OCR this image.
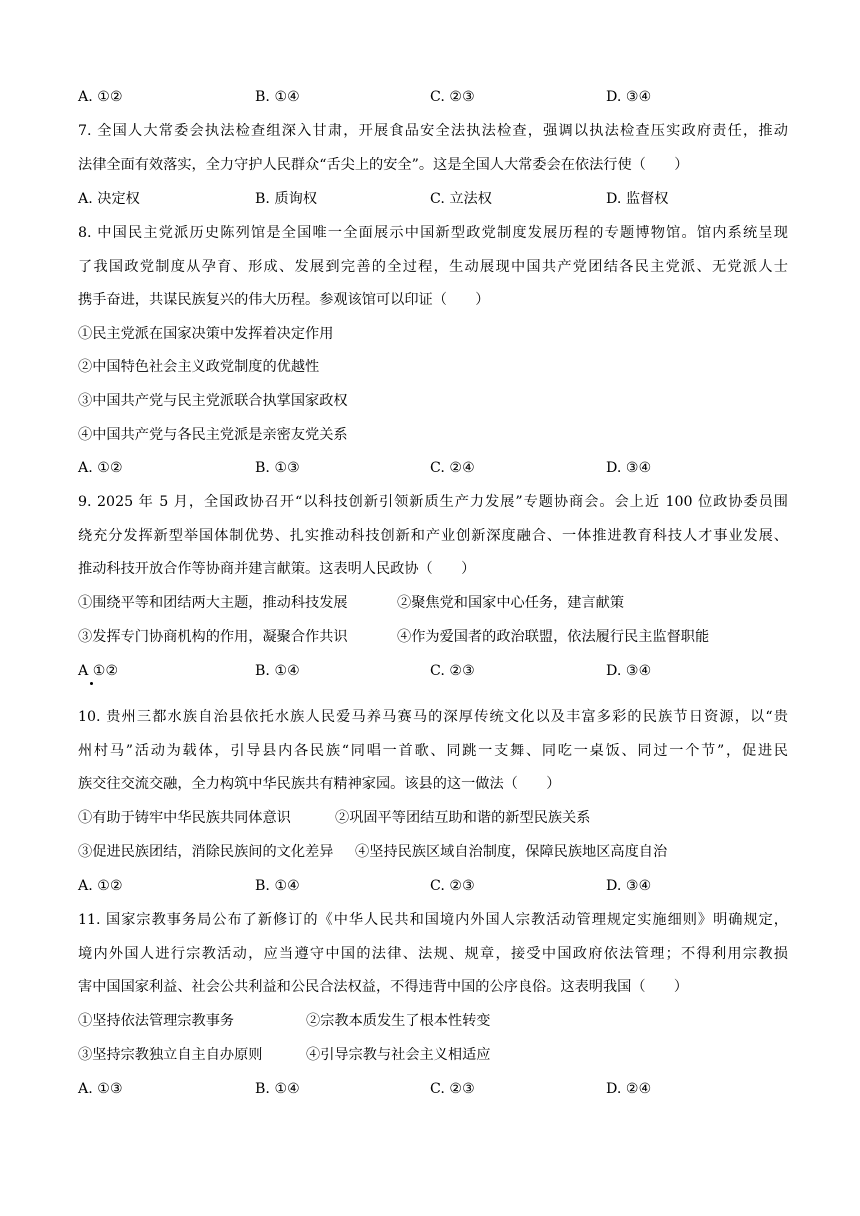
A. ①②	B. ①④	C. ②③	D. ③④
7. 全国人大常委会执法检查组深入甘肃，开展食品安全法执法检查，强调以执法检查压实政府责任，推动
法律全面有效落实，全力守护人民群众“舌尖上的安全”。这是全国人大常委会在依法行使（　　）
A. 决定权	B. 质询权	C. 立法权	D. 监督权
8. 中国民主党派历史陈列馆是全国唯一全面展示中国新型政党制度发展历程的专题博物馆。馆内系统呈现
了我国政党制度从孕育、形成、发展到完善的全过程，生动展现中国共产党团结各民主党派、无党派人士
携手奋进，共谋民族复兴的伟大历程。参观该馆可以印证（　　）
①民主党派在国家决策中发挥着决定作用
②中国特色社会主义政党制度的优越性
③中国共产党与民主党派联合执掌国家政权
④中国共产党与各民主党派是亲密友党关系
A. ①②	B. ①③	C. ②④	D. ③④
9. 2025 年 5 月，全国政协召开“以科技创新引领新质生产力发展”专题协商会。会上近 100 位政协委员围
绕充分发挥新型举国体制优势、扎实推动科技创新和产业创新深度融合、一体推进教育科技人才事业发展、
推动科技开放合作等协商并建言献策。这表明人民政协（　　）
①围绕平等和团结两大主题，推动科技发展	②聚焦党和国家中心任务，建言献策
③发挥专门协商机构的作用，凝聚合作共识	④作为爱国者的政治联盟，依法履行民主监督职能
A ①②	B. ①④	C. ②③	D. ③④
10. 贵州三都水族自治县依托水族人民爱马养马赛马的深厚传统文化以及丰富多彩的民族节日资源，以“贵
州村马”活动为载体，引导县内各民族“同唱一首歌、同跳一支舞、同吃一桌饭、同过一个节”，促进民
族交往交流交融，全力构筑中华民族共有精神家园。该县的这一做法（　　）
①有助于铸牢中华民族共同体意识	②巩固平等团结互助和谐的新型民族关系
③促进民族团结，消除民族间的文化差异 ④坚持民族区域自治制度，保障民族地区高度自治
A. ①②	B. ①④	C. ②③	D. ③④
11. 国家宗教事务局公布了新修订的《中华人民共和国境内外国人宗教活动管理规定实施细则》明确规定，
境内外国人进行宗教活动，应当遵守中国的法律、法规、规章，接受中国政府依法管理；不得利用宗教损
害中国国家利益、社会公共利益和公民合法权益，不得违背中国的公序良俗。这表明我国（　　）
①坚持依法管理宗教事务	②宗教本质发生了根本性转变
③坚持宗教独立自主自办原则	④引导宗教与社会主义相适应
A. ①③	B. ①④	C. ②③	D. ②④
